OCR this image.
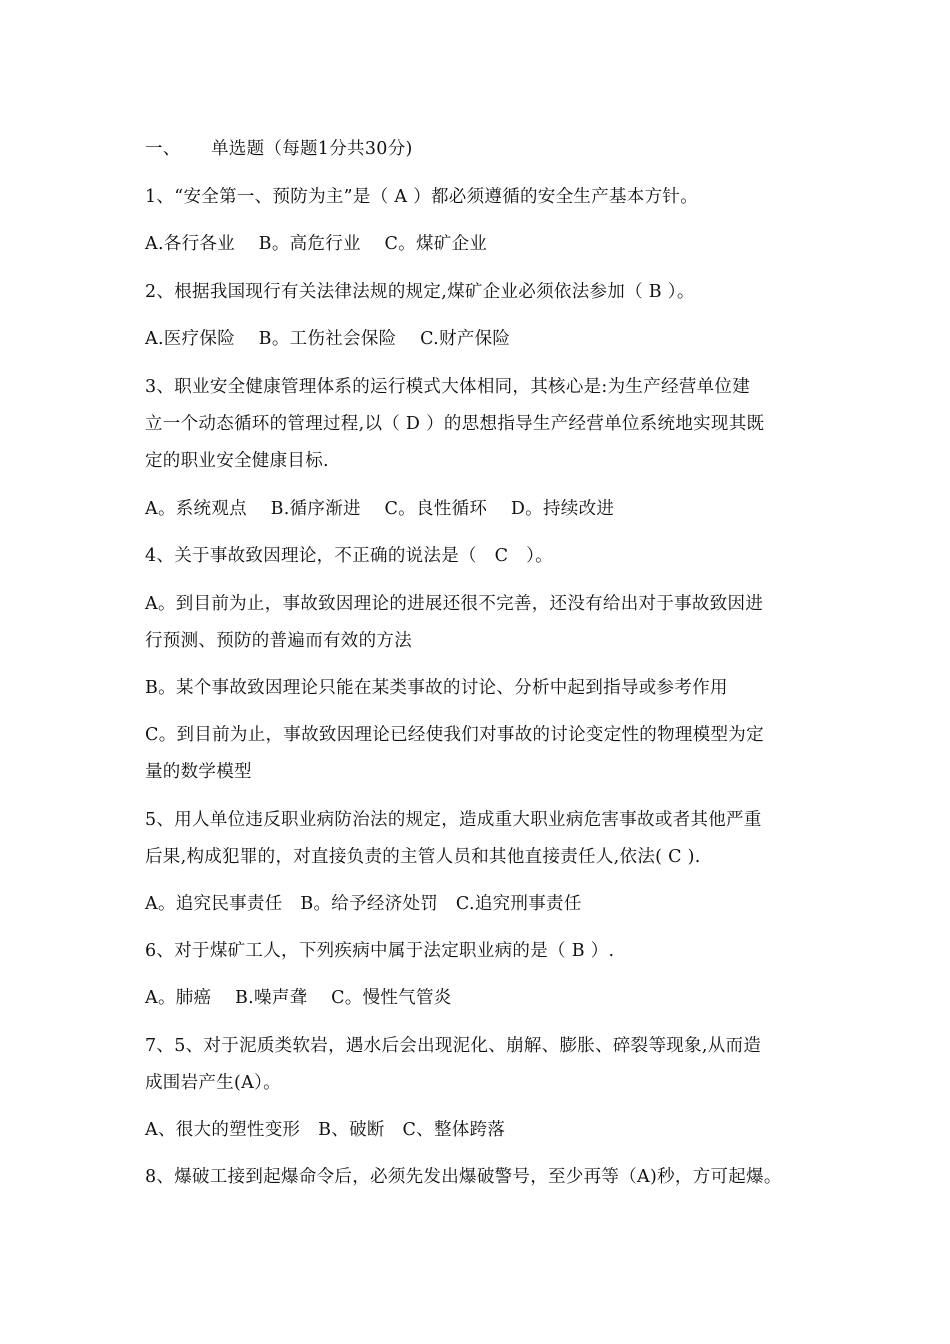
一、 单选题（每题1分共30分)
1、“安全第一、预防为主”是（ A ）都必须遵循的安全生产基本方针。
A.各行各业　 B。高危行业　 C。煤矿企业
2、根据我国现行有关法律法规的规定,煤矿企业必须依法参加（ B ）。
A.医疗保险　 B。工伤社会保险　 C.财产保险
3、职业安全健康管理体系的运行模式大体相同，其核心是:为生产经营单位建
立一个动态循环的管理过程,以（ D ）的思想指导生产经营单位系统地实现其既
定的职业安全健康目标.
A。系统观点　 B.循序渐进　 C。良性循环　 D。持续改进
4、关于事故致因理论，不正确的说法是（　C　）。
A。到目前为止，事故致因理论的进展还很不完善，还没有给出对于事故致因进
行预测、预防的普遍而有效的方法
B。某个事故致因理论只能在某类事故的讨论、分析中起到指导或参考作用
C。到目前为止，事故致因理论已经使我们对事故的讨论变定性的物理模型为定
量的数学模型
5、用人单位违反职业病防治法的规定，造成重大职业病危害事故或者其他严重
后果,构成犯罪的，对直接负责的主管人员和其他直接责任人,依法( C ).
A。追究民事责任　B。给予经济处罚　C.追究刑事责任
6、对于煤矿工人，下列疾病中属于法定职业病的是（ B ）.
A。肺癌　 B.噪声聋　 C。慢性气管炎
7、5、对于泥质类软岩，遇水后会出现泥化、崩解、膨胀、碎裂等现象,从而造
成围岩产生(A）。
A、很大的塑性变形　B、破断　C、整体跨落
8、爆破工接到起爆命令后，必须先发出爆破警号，至少再等（A)秒，方可起爆。
